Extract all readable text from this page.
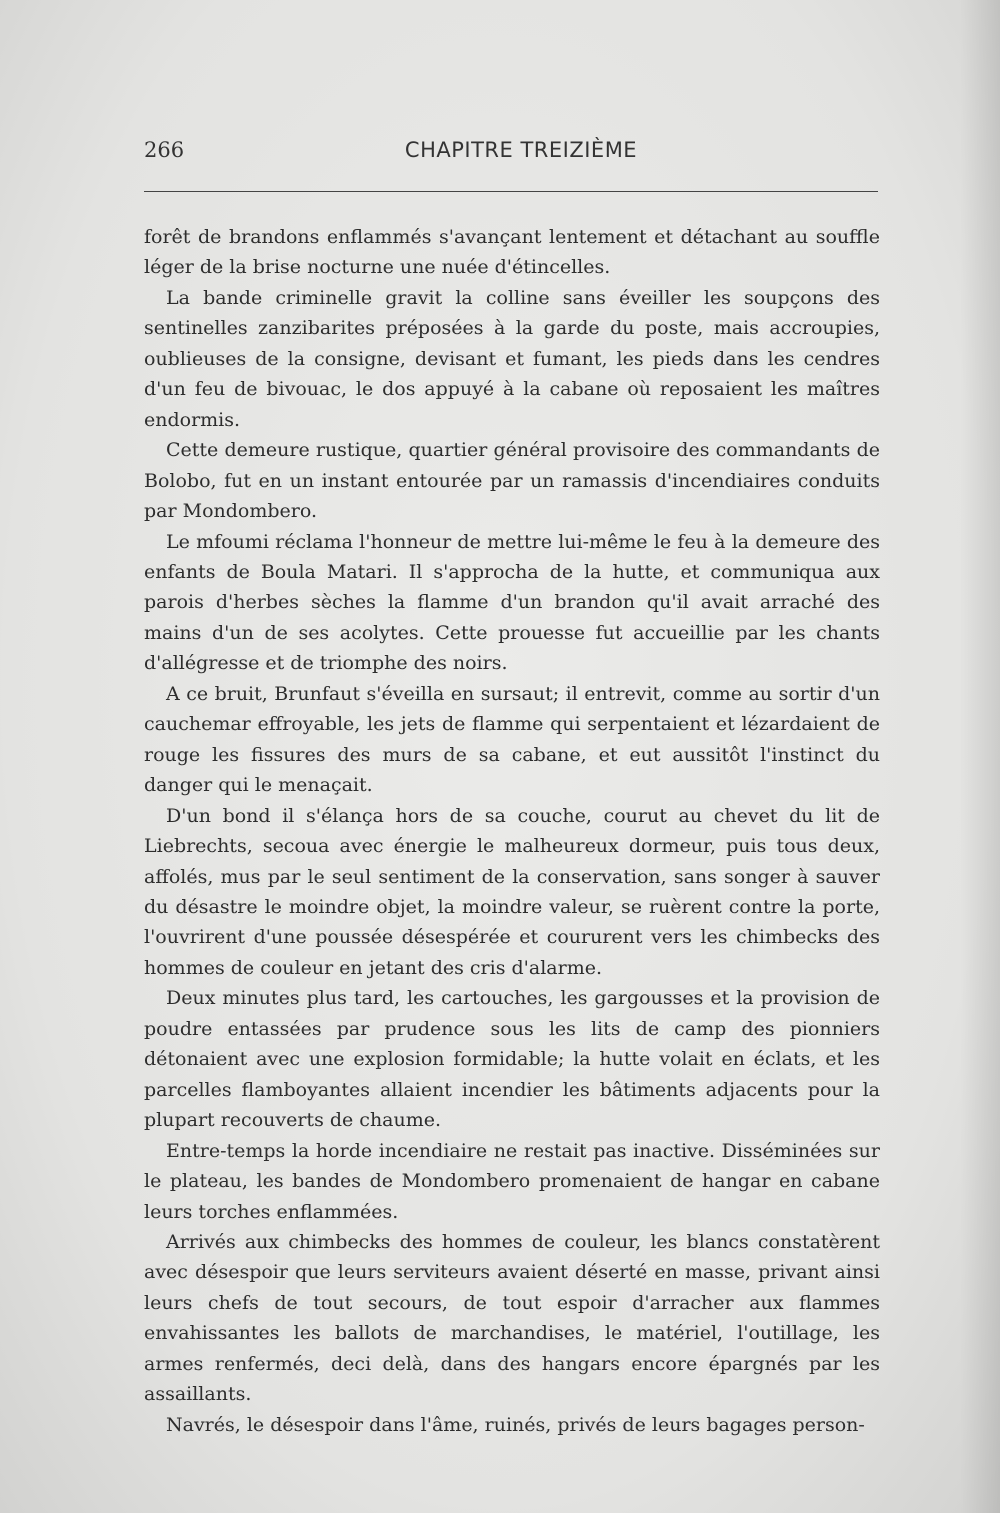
266	CHAPITRE TREIZIÈME

forêt de brandons enflammés s'avançant lentement et détachant au souffle léger de la brise nocturne une nuée d'étincelles.

La bande criminelle gravit la colline sans éveiller les soupçons des sentinelles zanzibarites préposées à la garde du poste, mais accroupies, oublieuses de la consigne, devisant et fumant, les pieds dans les cendres d'un feu de bivouac, le dos appuyé à la cabane où reposaient les maîtres endormis.

Cette demeure rustique, quartier général provisoire des commandants de Bolobo, fut en un instant entourée par un ramassis d'incendiaires conduits par Mondombero.

Le mfoumi réclama l'honneur de mettre lui-même le feu à la demeure des enfants de Boula Matari. Il s'approcha de la hutte, et communiqua aux parois d'herbes sèches la flamme d'un brandon qu'il avait arraché des mains d'un de ses acolytes. Cette prouesse fut accueillie par les chants d'allégresse et de triomphe des noirs.

A ce bruit, Brunfaut s'éveilla en sursaut; il entrevit, comme au sortir d'un cauchemar effroyable, les jets de flamme qui serpentaient et lézardaient de rouge les fissures des murs de sa cabane, et eut aussitôt l'instinct du danger qui le menaçait.

D'un bond il s'élança hors de sa couche, courut au chevet du lit de Liebrechts, secoua avec énergie le malheureux dormeur, puis tous deux, affolés, mus par le seul sentiment de la conservation, sans songer à sauver du désastre le moindre objet, la moindre valeur, se ruèrent contre la porte, l'ouvrirent d'une poussée désespérée et coururent vers les chimbecks des hommes de couleur en jetant des cris d'alarme.

Deux minutes plus tard, les cartouches, les gargousses et la provision de poudre entassées par prudence sous les lits de camp des pionniers détonaient avec une explosion formidable; la hutte volait en éclats, et les parcelles flamboyantes allaient incendier les bâtiments adjacents pour la plupart recouverts de chaume.

Entre-temps la horde incendiaire ne restait pas inactive. Disséminées sur le plateau, les bandes de Mondombero promenaient de hangar en cabane leurs torches enflammées.

Arrivés aux chimbecks des hommes de couleur, les blancs constatèrent avec désespoir que leurs serviteurs avaient déserté en masse, privant ainsi leurs chefs de tout secours, de tout espoir d'arracher aux flammes envahissantes les ballots de marchandises, le matériel, l'outillage, les armes renfermés, deci delà, dans des hangars encore épargnés par les assaillants.

Navrés, le désespoir dans l'âme, ruinés, privés de leurs bagages person-
